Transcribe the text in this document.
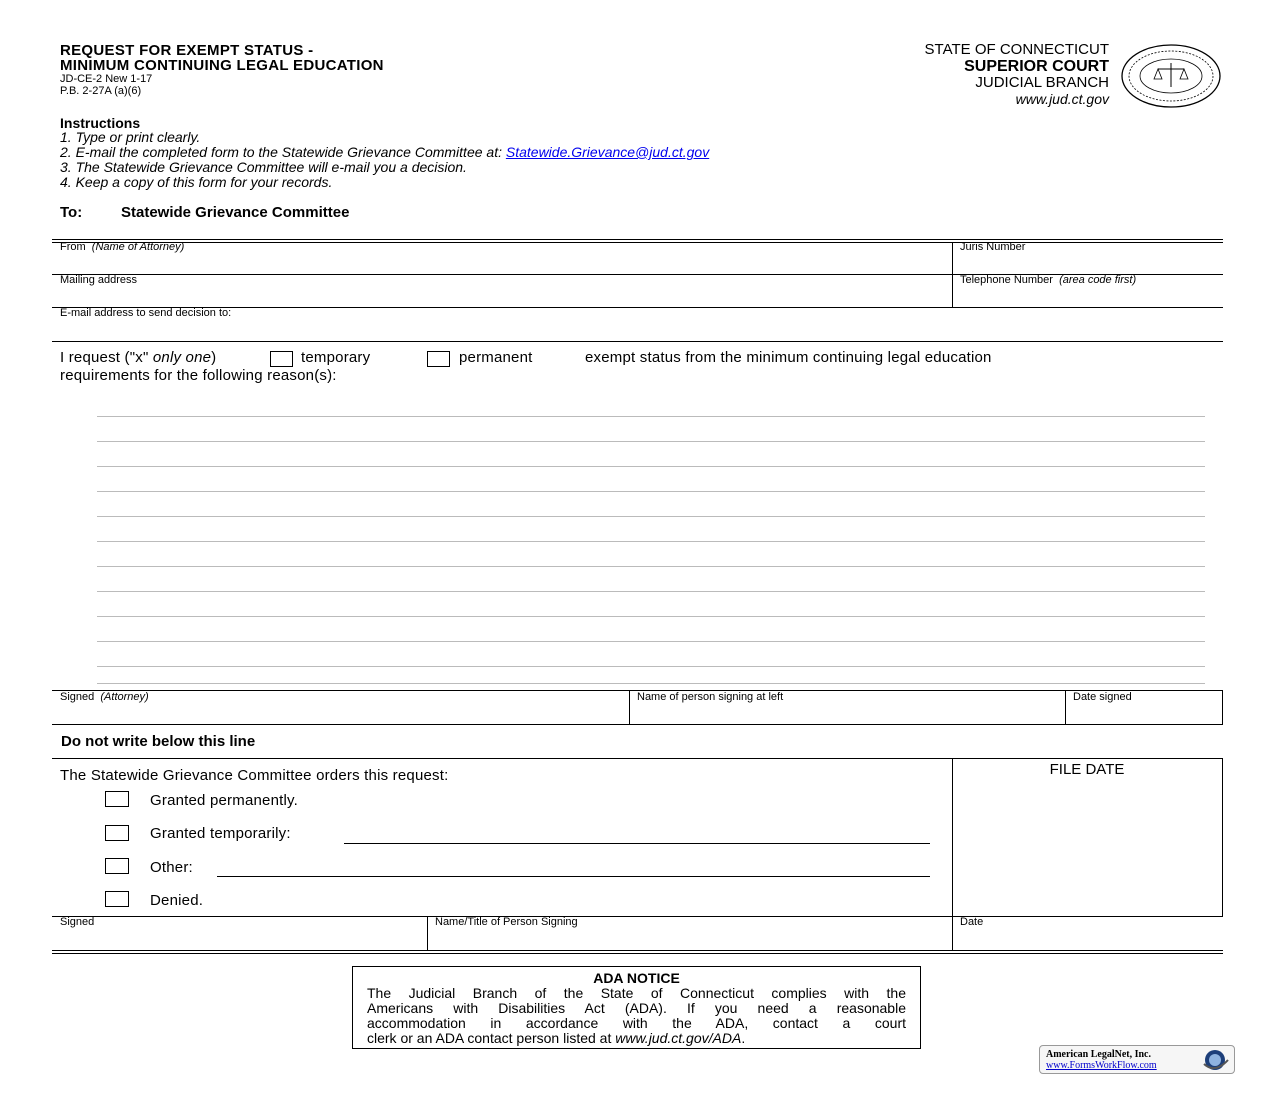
REQUEST FOR EXEMPT STATUS -
MINIMUM CONTINUING LEGAL EDUCATION
JD-CE-2 New 1-17
P.B. 2-27A (a)(6)
STATE OF CONNECTICUT
SUPERIOR COURT
JUDICIAL BRANCH
www.jud.ct.gov
Instructions
1. Type or print clearly.
2. E-mail the completed form to the Statewide Grievance Committee at: Statewide.Grievance@jud.ct.gov
3. The Statewide Grievance Committee will e-mail you a decision.
4. Keep a copy of this form for your records.
To:	Statewide Grievance Committee
From (Name of Attorney)	Juris Number
Mailing address	Telephone Number (area code first)
E-mail address to send decision to:
I request ("x" only one)	temporary	permanent	exempt status from the minimum continuing legal education
requirements for the following reason(s):
Signed (Attorney)	Name of person signing at left	Date signed
Do not write below this line
The Statewide Grievance Committee orders this request:	FILE DATE
Granted permanently.
Granted temporarily:
Other:
Denied.
Signed	Name/Title of Person Signing	Date
ADA NOTICE
The Judicial Branch of the State of Connecticut complies with the
Americans with Disabilities Act (ADA). If you need a reasonable
accommodation in accordance with the ADA, contact a court
clerk or an ADA contact person listed at www.jud.ct.gov/ADA.
American LegalNet, Inc.
www.FormsWorkFlow.com
